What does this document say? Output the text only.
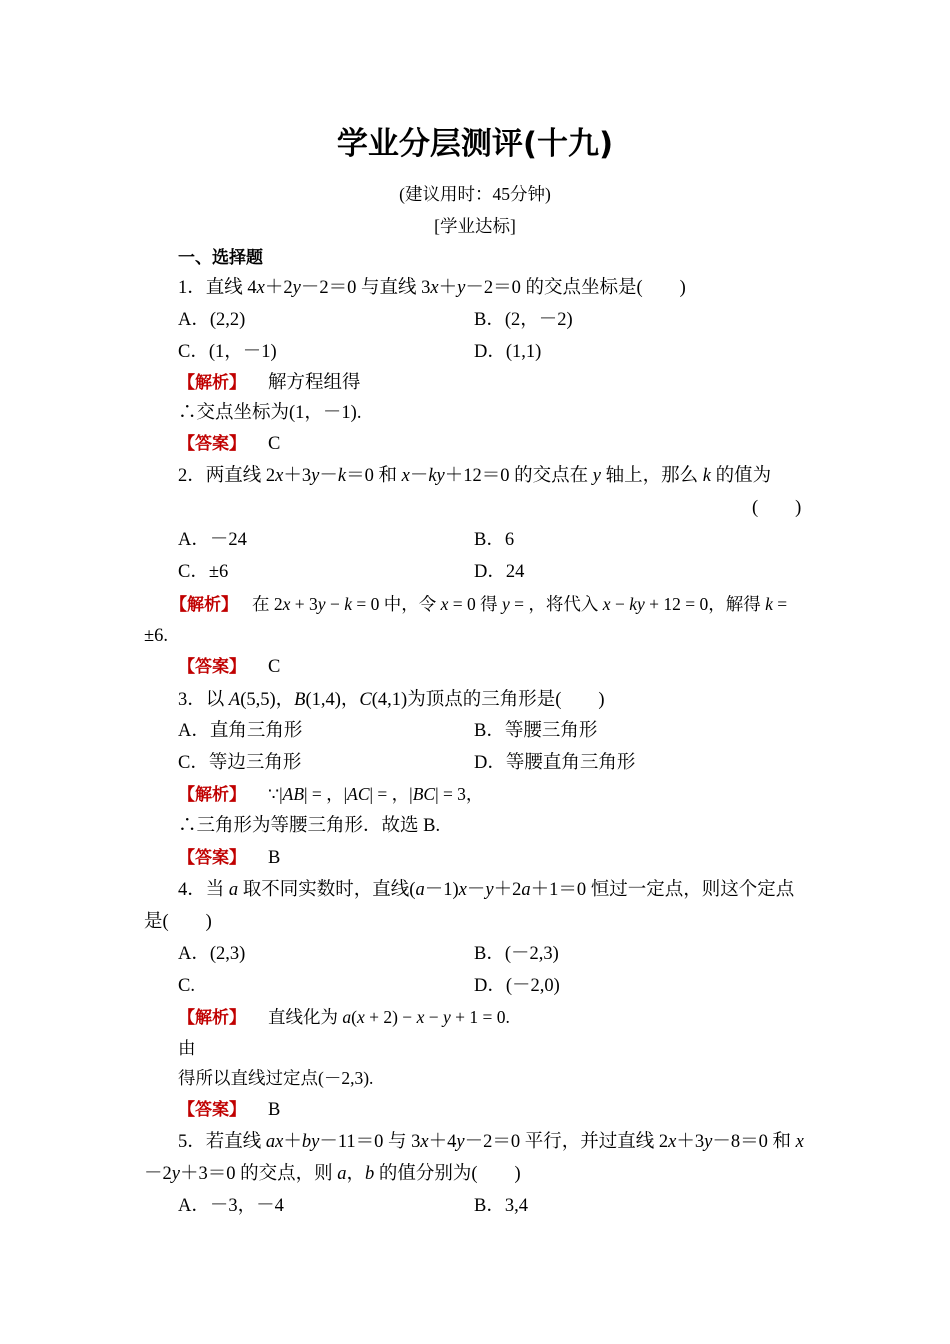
学业分层测评(十九)
(建议用时：45分钟)
[学业达标]
一、选择题
1．直线 4x＋2y－2＝0 与直线 3x＋y－2＝0 的交点坐标是(　　)
A．(2,2)	B．(2，－2)
C．(1，－1)	D．(1,1)
【解析】 解方程组得
∴交点坐标为(1，－1).
【答案】 C
2．两直线 2x＋3y－k＝0 和 x－ky＋12＝0 的交点在 y 轴上，那么 k 的值为
(　　)
A．－24	B．6
C．±6	D．24
【解析】 在 2x + 3y − k = 0 中，令 x = 0 得 y = ，将代入 x − ky + 12 = 0，解得 k =
±6.
【答案】 C
3．以 A(5,5)，B(1,4)，C(4,1)为顶点的三角形是(　　)
A．直角三角形	B．等腰三角形
C．等边三角形	D．等腰直角三角形
【解析】 ∵|AB| = ，|AC| = ，|BC| = 3，
∴三角形为等腰三角形．故选 B.
【答案】 B
4．当 a 取不同实数时，直线(a－1)x－y＋2a＋1＝0 恒过一定点，则这个定点
是(　　)
A．(2,3)	B．(－2,3)
C.	D．(－2,0)
【解析】 直线化为 a(x + 2) − x − y + 1 = 0.
由
得所以直线过定点(－2,3).
【答案】 B
5．若直线 ax＋by－11＝0 与 3x＋4y－2＝0 平行，并过直线 2x＋3y－8＝0 和 x
－2y＋3＝0 的交点，则 a，b 的值分别为(　　)
A．－3，－4	B．3,4
